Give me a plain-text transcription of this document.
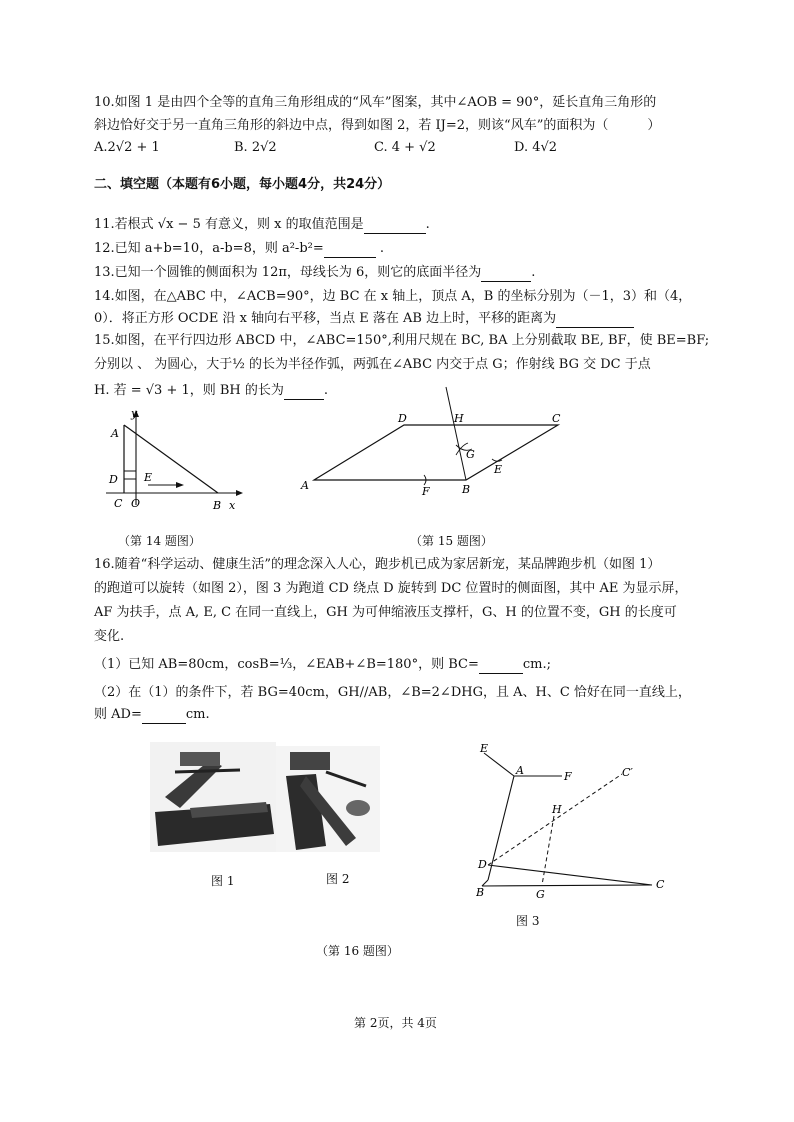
10.如图 1 是由四个全等的直角三角形组成的“风车”图案，其中∠AOB = 90°，延长直角三角形的
斜边恰好交于另一直角三角形的斜边中点，得到如图 2，若 IJ=2，则该“风车”的面积为（　　　）
A.2√2 + 1	B. 2√2	C. 4 + √2	D. 4√2
二、填空题（本题有6小题，每小题4分，共24分）
11.若根式 √x − 5 有意义，则 x 的取值范围是	.
12.已知 a+b=10，a-b=8，则 a²-b²=	.
13.已知一个圆锥的侧面积为 12π，母线长为 6，则它的底面半径为	.
14.如图，在△ABC 中，∠ACB=90°，边 BC 在 x 轴上，顶点 A，B 的坐标分别为（－1，3）和（4，
0）．将正方形 OCDE 沿 x 轴向右平移，当点 E 落在 AB 边上时，平移的距离为
15.如图，在平行四边形 ABCD 中，∠ABC=150°,利用尺规在 BC, BA 上分别截取 BE, BF，使 BE=BF;
分别以 、 为圆心，大于½ 的长为半径作弧，两弧在∠ABC 内交于点 G；作射线 BG 交 DC 于点
H. 若 = √3 + 1，则 BH 的长为	.
y
x
A
D E
C O	B
（第 14 题图）
D	H	C
G
E
A	F	B
（第 15 题图）
16.随着“科学运动、健康生活”的理念深入人心，跑步机已成为家居新宠，某品牌跑步机（如图 1）
的跑道可以旋转（如图 2），图 3 为跑道 CD 绕点 D 旋转到 DC 位置时的侧面图，其中 AE 为显示屏，
AF 为扶手，点 A, E, C 在同一直线上，GH 为可伸缩液压支撑杆，G、H 的位置不变，GH 的长度可
变化.
（1）已知 AB=80cm，cosB=⅓，∠EAB+∠B=180°，则 BC=	cm.;
（2）在（1）的条件下，若 BG=40cm，GH//AB，∠B=2∠DHG，且 A、H、C 恰好在同一直线上，
则 AD=	cm.
图 1	图 2
E
A	F	C′
H
D
B	G
C
图 3
（第 16 题图）
第 2页，共 4页
